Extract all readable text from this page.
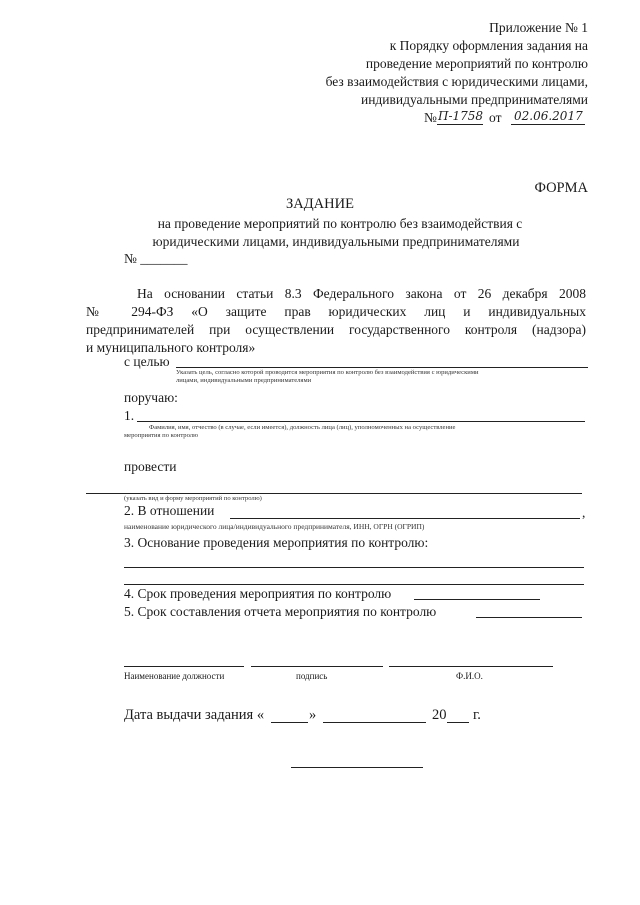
Приложение № 1
к Порядку оформления задания на
проведение мероприятий по контролю
без взаимодействия с юридическими лицами,
индивидуальными предпринимателями
№ П-1758 от 02.06.2017
ФОРМА
ЗАДАНИЕ
на проведение мероприятий по контролю без взаимодействия с
юридическими лицами, индивидуальными предпринимателями
№ _______
На основании статьи 8.3 Федерального закона от 26 декабря 2008
№ 294-ФЗ «О защите прав юридических лиц и индивидуальных
предпринимателей при осуществлении государственного контроля (надзора)
и муниципального контроля»
с целью
Указать цель, согласно которой проводится мероприятия по контролю без взаимодействия с юридическими
лицами, индивидуальными предпринимателями
поручаю:
1.
Фамилия, имя, отчество (в случае, если имеется), должность лица (лиц), уполномоченных на осуществление
мероприятия по контролю
провести
(указать вид и форму мероприятий по контролю)
2. В отношении	,
наименование юридического лица/индивидуального предпринимателя, ИНН, ОГРН (ОГРИП)
3. Основание проведения мероприятия по контролю:
4. Срок проведения мероприятия по контролю
5. Срок составления отчета мероприятия по контролю
Наименование должности	подпись	Ф.И.О.
Дата выдачи задания «	»	20 г.
